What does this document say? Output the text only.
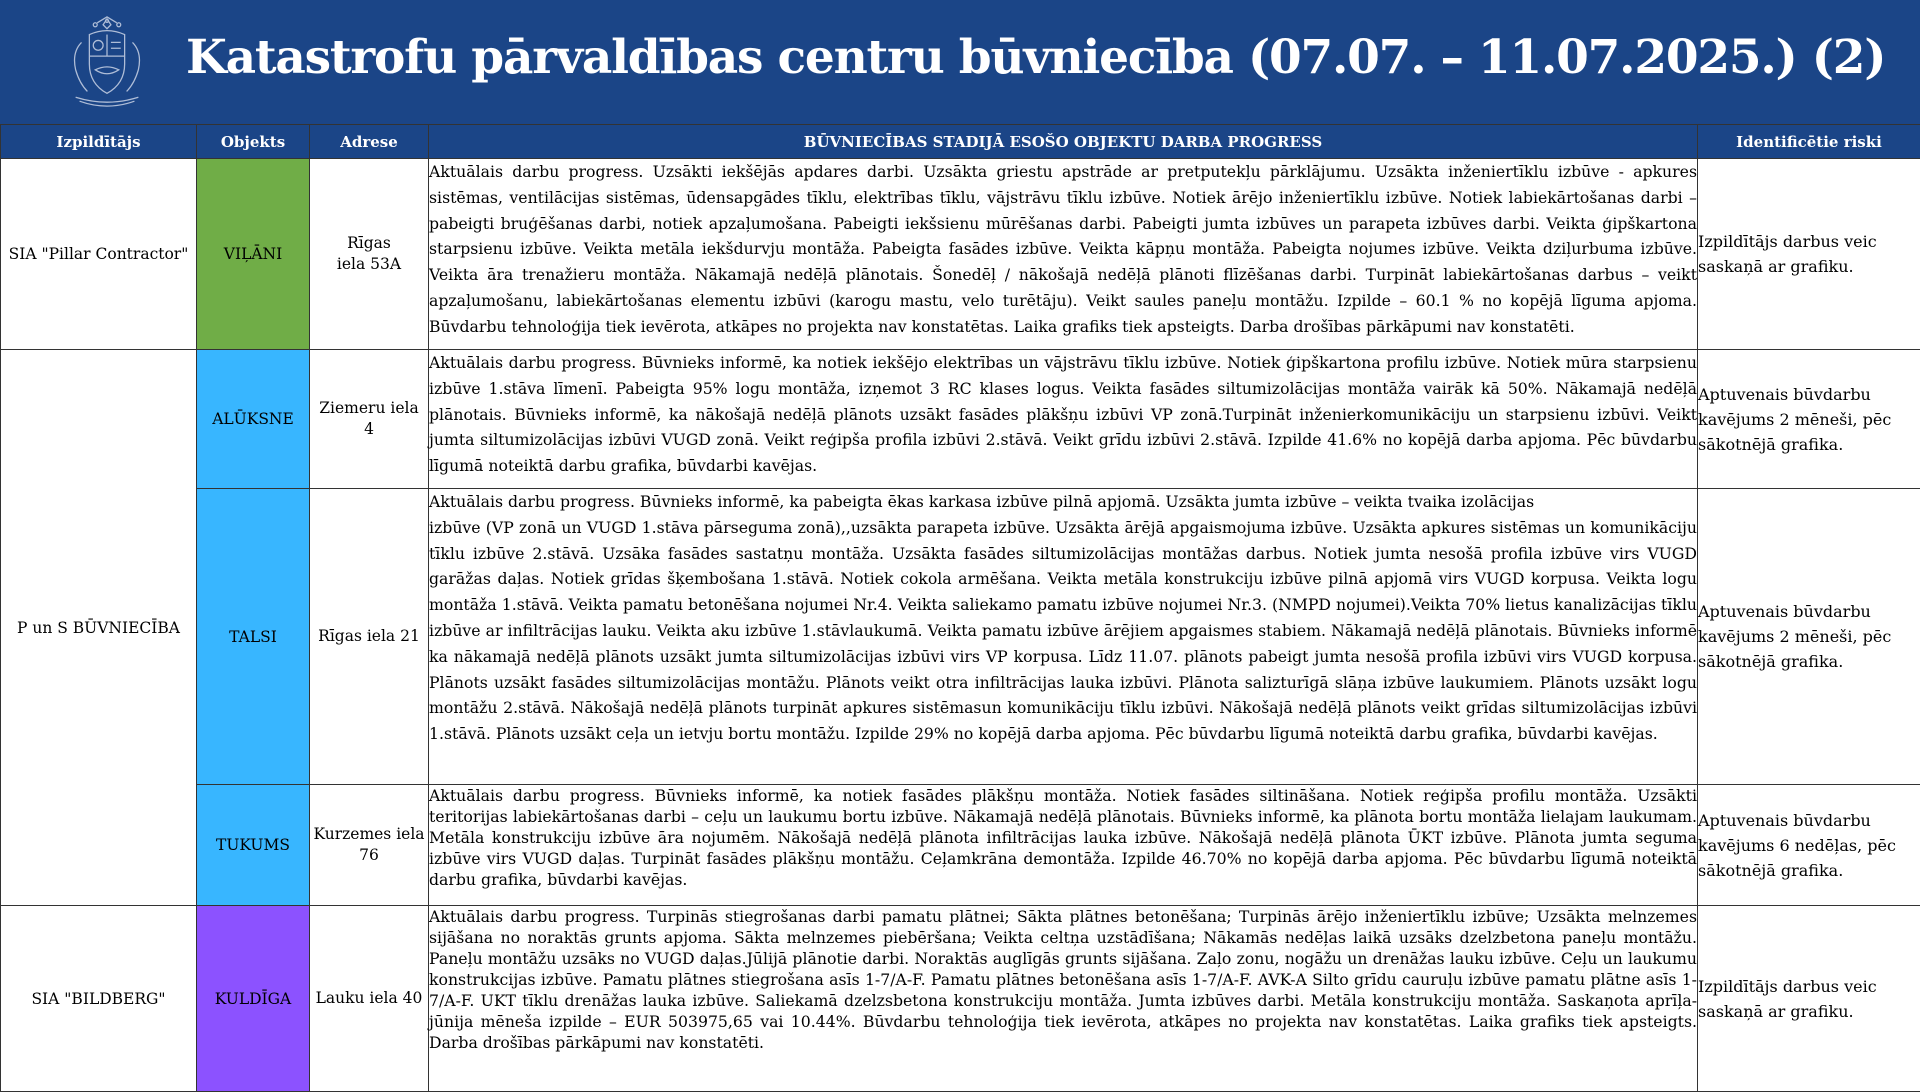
Katastrofu pārvaldības centru būvniecība (07.07. – 11.07.2025.) (2)
Izpildītājs	Objekts	Adrese	BŪVNIECĪBAS STADIJĀ ESOŠO OBJEKTU DARBA PROGRESS	Identificētie riski
SIA "Pillar Contractor"	VIĻĀNI	Rīgas iela 53A	Aktuālais darbu progress. Uzsākti iekšējās apdares darbi. Uzsākta griestu apstrāde ar pretputekļu pārklājumu. Uzsākta inženiertīklu izbūve - apkures sistēmas, ventilācijas sistēmas, ūdensapgādes tīklu, elektrības tīklu, vājstrāvu tīklu izbūve. Notiek ārējo inženiertīklu izbūve. Notiek labiekārtošanas darbi – pabeigti bruģēšanas darbi, notiek apzaļumošana. Pabeigti iekšsienu mūrēšanas darbi. Pabeigti jumta izbūves un parapeta izbūves darbi. Veikta ģipškartona starpsienu izbūve. Veikta metāla iekšdurvju montāža. Pabeigta fasādes izbūve. Veikta kāpņu montāža. Pabeigta nojumes izbūve. Veikta dziļurbuma izbūve. Veikta āra trenažieru montāža. Nākamajā nedēļā plānotais. Šonedēļ / nākošajā nedēļā plānoti flīzēšanas darbi. Turpināt labiekārtošanas darbus – veikt apzaļumošanu, labiekārtošanas elementu izbūvi (karogu mastu, velo turētāju). Veikt saules paneļu montāžu. Izpilde – 60.1 % no kopējā līguma apjoma. Būvdarbu tehnoloģija tiek ievērota, atkāpes no projekta nav konstatētas. Laika grafiks tiek apsteigts. Darba drošības pārkāpumi nav konstatēti.	Izpildītājs darbus veic saskaņā ar grafiku.
P un S BŪVNIECĪBA	ALŪKSNE	Ziemeru iela 4	Aktuālais darbu progress. Būvnieks informē, ka notiek iekšējo elektrības un vājstrāvu tīklu izbūve. Notiek ģipškartona profilu izbūve. Notiek mūra starpsienu izbūve 1.stāva līmenī. Pabeigta 95% logu montāža, izņemot 3 RC klases logus. Veikta fasādes siltumizolācijas montāža vairāk kā 50%. Nākamajā nedēļā plānotais. Būvnieks informē, ka nākošajā nedēļā plānots uzsākt fasādes plākšņu izbūvi VP zonā.Turpināt inženierkomunikāciju un starpsienu izbūvi. Veikt jumta siltumizolācijas izbūvi VUGD zonā. Veikt reģipša profila izbūvi 2.stāvā. Veikt grīdu izbūvi 2.stāvā. Izpilde 41.6% no kopējā darba apjoma. Pēc būvdarbu līgumā noteiktā darbu grafika, būvdarbi kavējas.	Aptuvenais būvdarbu kavējums 2 mēneši, pēc sākotnējā grafika.
	TALSI	Rīgas iela 21	Aktuālais darbu progress. Būvnieks informē, ka pabeigta ēkas karkasa izbūve pilnā apjomā. Uzsākta jumta izbūve – veikta tvaika izolācijas
izbūve (VP zonā un VUGD 1.stāva pārseguma zonā),,uzsākta parapeta izbūve. Uzsākta ārējā apgaismojuma izbūve. Uzsākta apkures sistēmas un komunikāciju tīklu izbūve 2.stāvā. Uzsāka fasādes sastatņu montāža. Uzsākta fasādes siltumizolācijas montāžas darbus. Notiek jumta nesošā profila izbūve virs VUGD garāžas daļas. Notiek grīdas šķembošana 1.stāvā. Notiek cokola armēšana. Veikta metāla konstrukciju izbūve pilnā apjomā virs VUGD korpusa. Veikta logu montāža 1.stāvā. Veikta pamatu betonēšana nojumei Nr.4. Veikta saliekamo pamatu izbūve nojumei Nr.3. (NMPD nojumei).Veikta 70% lietus kanalizācijas tīklu izbūve ar infiltrācijas lauku. Veikta aku izbūve 1.stāvlaukumā. Veikta pamatu izbūve ārējiem apgaismes stabiem. Nākamajā nedēļā plānotais. Būvnieks informē ka nākamajā nedēļā plānots uzsākt jumta siltumizolācijas izbūvi virs VP korpusa. Līdz 11.07. plānots pabeigt jumta nesošā profila izbūvi virs VUGD korpusa. Plānots uzsākt fasādes siltumizolācijas montāžu. Plānots veikt otra infiltrācijas lauka izbūvi. Plānota salizturīgā slāņa izbūve laukumiem. Plānots uzsākt logu montāžu 2.stāvā. Nākošajā nedēļā plānots turpināt apkures sistēmasun komunikāciju tīklu izbūvi. Nākošajā nedēļā plānots veikt grīdas siltumizolācijas izbūvi 1.stāvā. Plānots uzsākt ceļa un ietvju bortu montāžu. Izpilde 29% no kopējā darba apjoma. Pēc būvdarbu līgumā noteiktā darbu grafika, būvdarbi kavējas.	Aptuvenais būvdarbu kavējums 2 mēneši, pēc sākotnējā grafika.
	TUKUMS	Kurzemes iela 76	Aktuālais darbu progress. Būvnieks informē, ka notiek fasādes plākšņu montāža. Notiek fasādes siltināšana. Notiek reģipša profilu montāža. Uzsākti teritorijas labiekārtošanas darbi – ceļu un laukumu bortu izbūve. Nākamajā nedēļā plānotais. Būvnieks informē, ka plānota bortu montāža lielajam laukumam. Metāla konstrukciju izbūve āra nojumēm. Nākošajā nedēļā plānota infiltrācijas lauka izbūve. Nākošajā nedēļā plānota ŪKT izbūve. Plānota jumta seguma izbūve virs VUGD daļas. Turpināt fasādes plākšņu montāžu. Ceļamkrāna demontāža. Izpilde 46.70% no kopējā darba apjoma. Pēc būvdarbu līgumā noteiktā darbu grafika, būvdarbi kavējas.	Aptuvenais būvdarbu kavējums 6 nedēļas, pēc sākotnējā grafika.
SIA "BILDBERG"	KULDĪGA	Lauku iela 40	Aktuālais darbu progress. Turpinās stiegrošanas darbi pamatu plātnei; Sākta plātnes betonēšana; Turpinās ārējo inženiertīklu izbūve; Uzsākta melnzemes sijāšana no noraktās grunts apjoma. Sākta melnzemes piebēršana; Veikta celtņa uzstādīšana; Nākamās nedēļas laikā uzsāks dzelzbetona paneļu montāžu. Paneļu montāžu uzsāks no VUGD daļas.Jūlijā plānotie darbi. Noraktās auglīgās grunts sijāšana. Zaļo zonu, nogāžu un drenāžas lauku izbūve. Ceļu un laukumu konstrukcijas izbūve. Pamatu plātnes stiegrošana asīs 1-7/A-F. Pamatu plātnes betonēšana asīs 1-7/A-F. AVK-A Silto grīdu cauruļu izbūve pamatu plātne asīs 1-7/A-F. UKT tīklu drenāžas lauka izbūve. Saliekamā dzelzsbetona konstrukciju montāža. Jumta izbūves darbi. Metāla konstrukciju montāža. Saskaņota aprīļa-jūnija mēneša izpilde – EUR 503975,65 vai 10.44%. Būvdarbu tehnoloģija tiek ievērota, atkāpes no projekta nav konstatētas. Laika grafiks tiek apsteigts. Darba drošības pārkāpumi nav konstatēti.	Izpildītājs darbus veic saskaņā ar grafiku.
